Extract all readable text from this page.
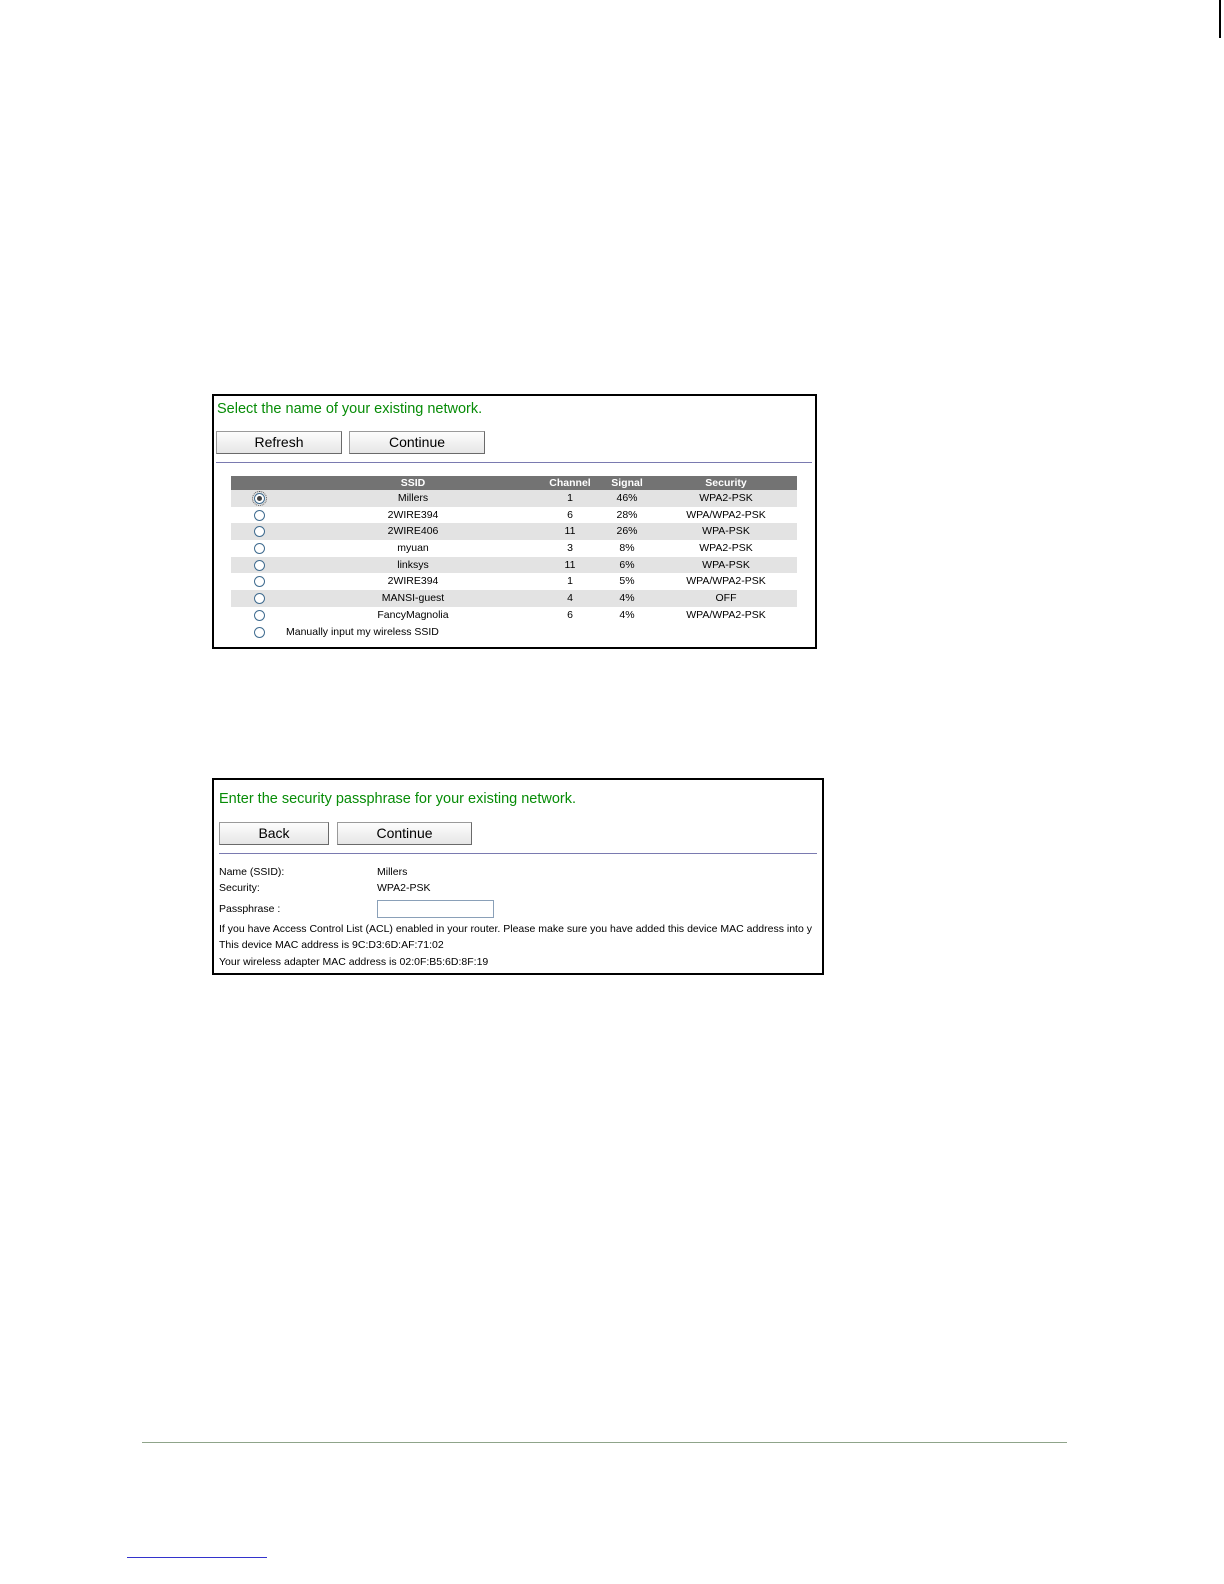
Select the name of your existing network.
Refresh	Continue
SSID	Channel	Signal	Security
Millers	1	46%	WPA2-PSK
2WIRE394	6	28%	WPA/WPA2-PSK
2WIRE406	11	26%	WPA-PSK
myuan	3	8%	WPA2-PSK
linksys	11	6%	WPA-PSK
2WIRE394	1	5%	WPA/WPA2-PSK
MANSI-guest	4	4%	OFF
FancyMagnolia	6	4%	WPA/WPA2-PSK
Manually input my wireless SSID
Enter the security passphrase for your existing network.
Back	Continue
Name (SSID):	Millers
Security:	WPA2-PSK
Passphrase :
If you have Access Control List (ACL) enabled in your router. Please make sure you have added this device MAC address into y
This device MAC address is 9C:D3:6D:AF:71:02
Your wireless adapter MAC address is 02:0F:B5:6D:8F:19
